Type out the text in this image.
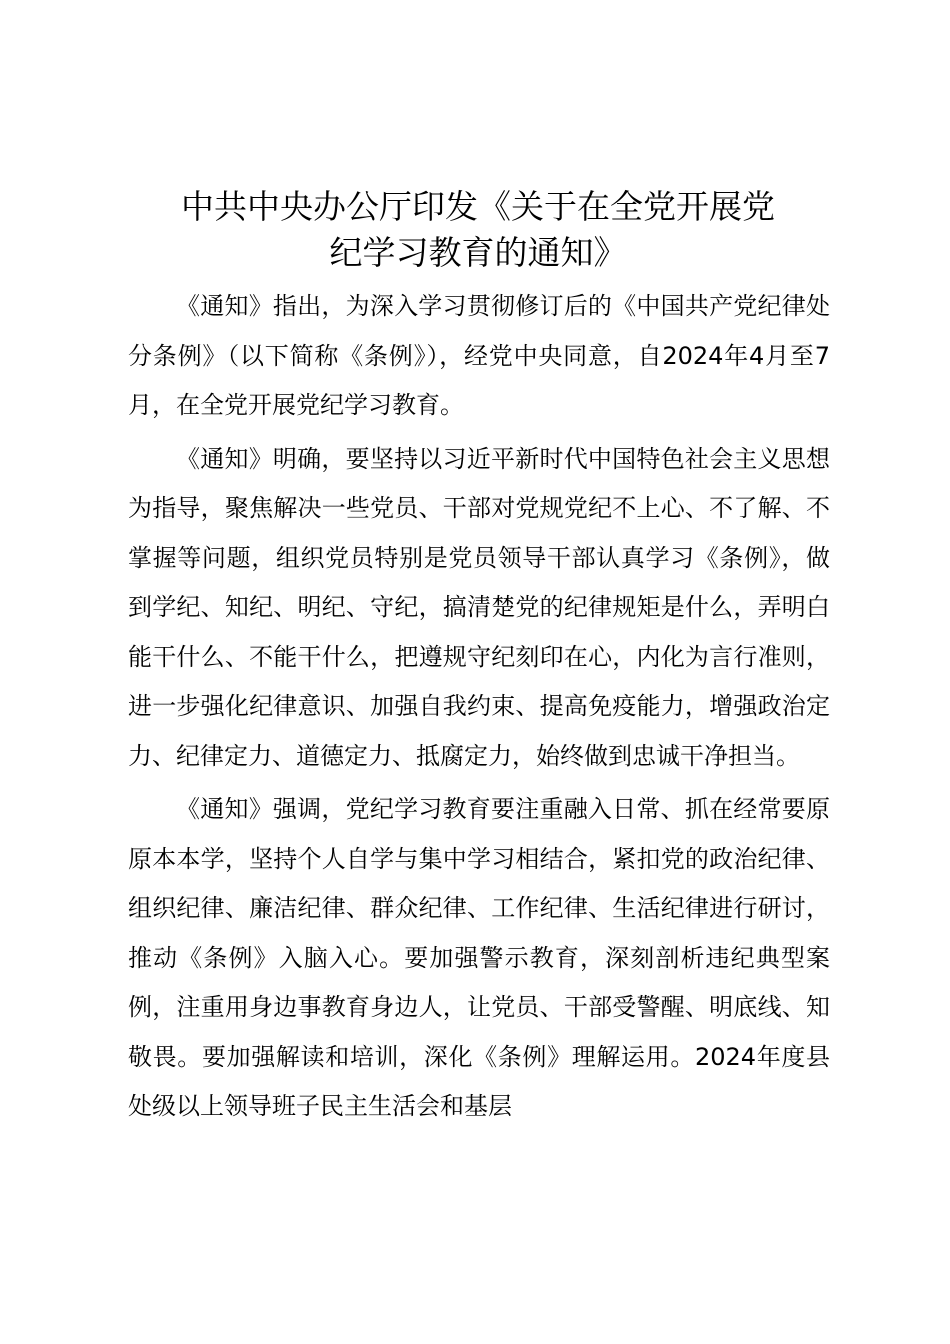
中共中央办公厅印发《关于在全党开展党
纪学习教育的通知》

《通知》指出，为深入学习贯彻修订后的《中国共产党纪律处分条例》（以下简称《条例》），经党中央同意，自2024年4月至7月，在全党开展党纪学习教育。

《通知》明确，要坚持以习近平新时代中国特色社会主义思想为指导，聚焦解决一些党员、干部对党规党纪不上心、不了解、不掌握等问题，组织党员特别是党员领导干部认真学习《条例》，做到学纪、知纪、明纪、守纪，搞清楚党的纪律规矩是什么，弄明白能干什么、不能干什么，把遵规守纪刻印在心，内化为言行准则，进一步强化纪律意识、加强自我约束、提高免疫能力，增强政治定力、纪律定力、道德定力、抵腐定力，始终做到忠诚干净担当。

《通知》强调，党纪学习教育要注重融入日常、抓在经常要原原本本学，坚持个人自学与集中学习相结合，紧扣党的政治纪律、组织纪律、廉洁纪律、群众纪律、工作纪律、生活纪律进行研讨，推动《条例》入脑入心。要加强警示教育，深刻剖析违纪典型案例，注重用身边事教育身边人，让党员、干部受警醒、明底线、知敬畏。要加强解读和培训，深化《条例》理解运用。2024年度县处级以上领导班子民主生活会和基层
